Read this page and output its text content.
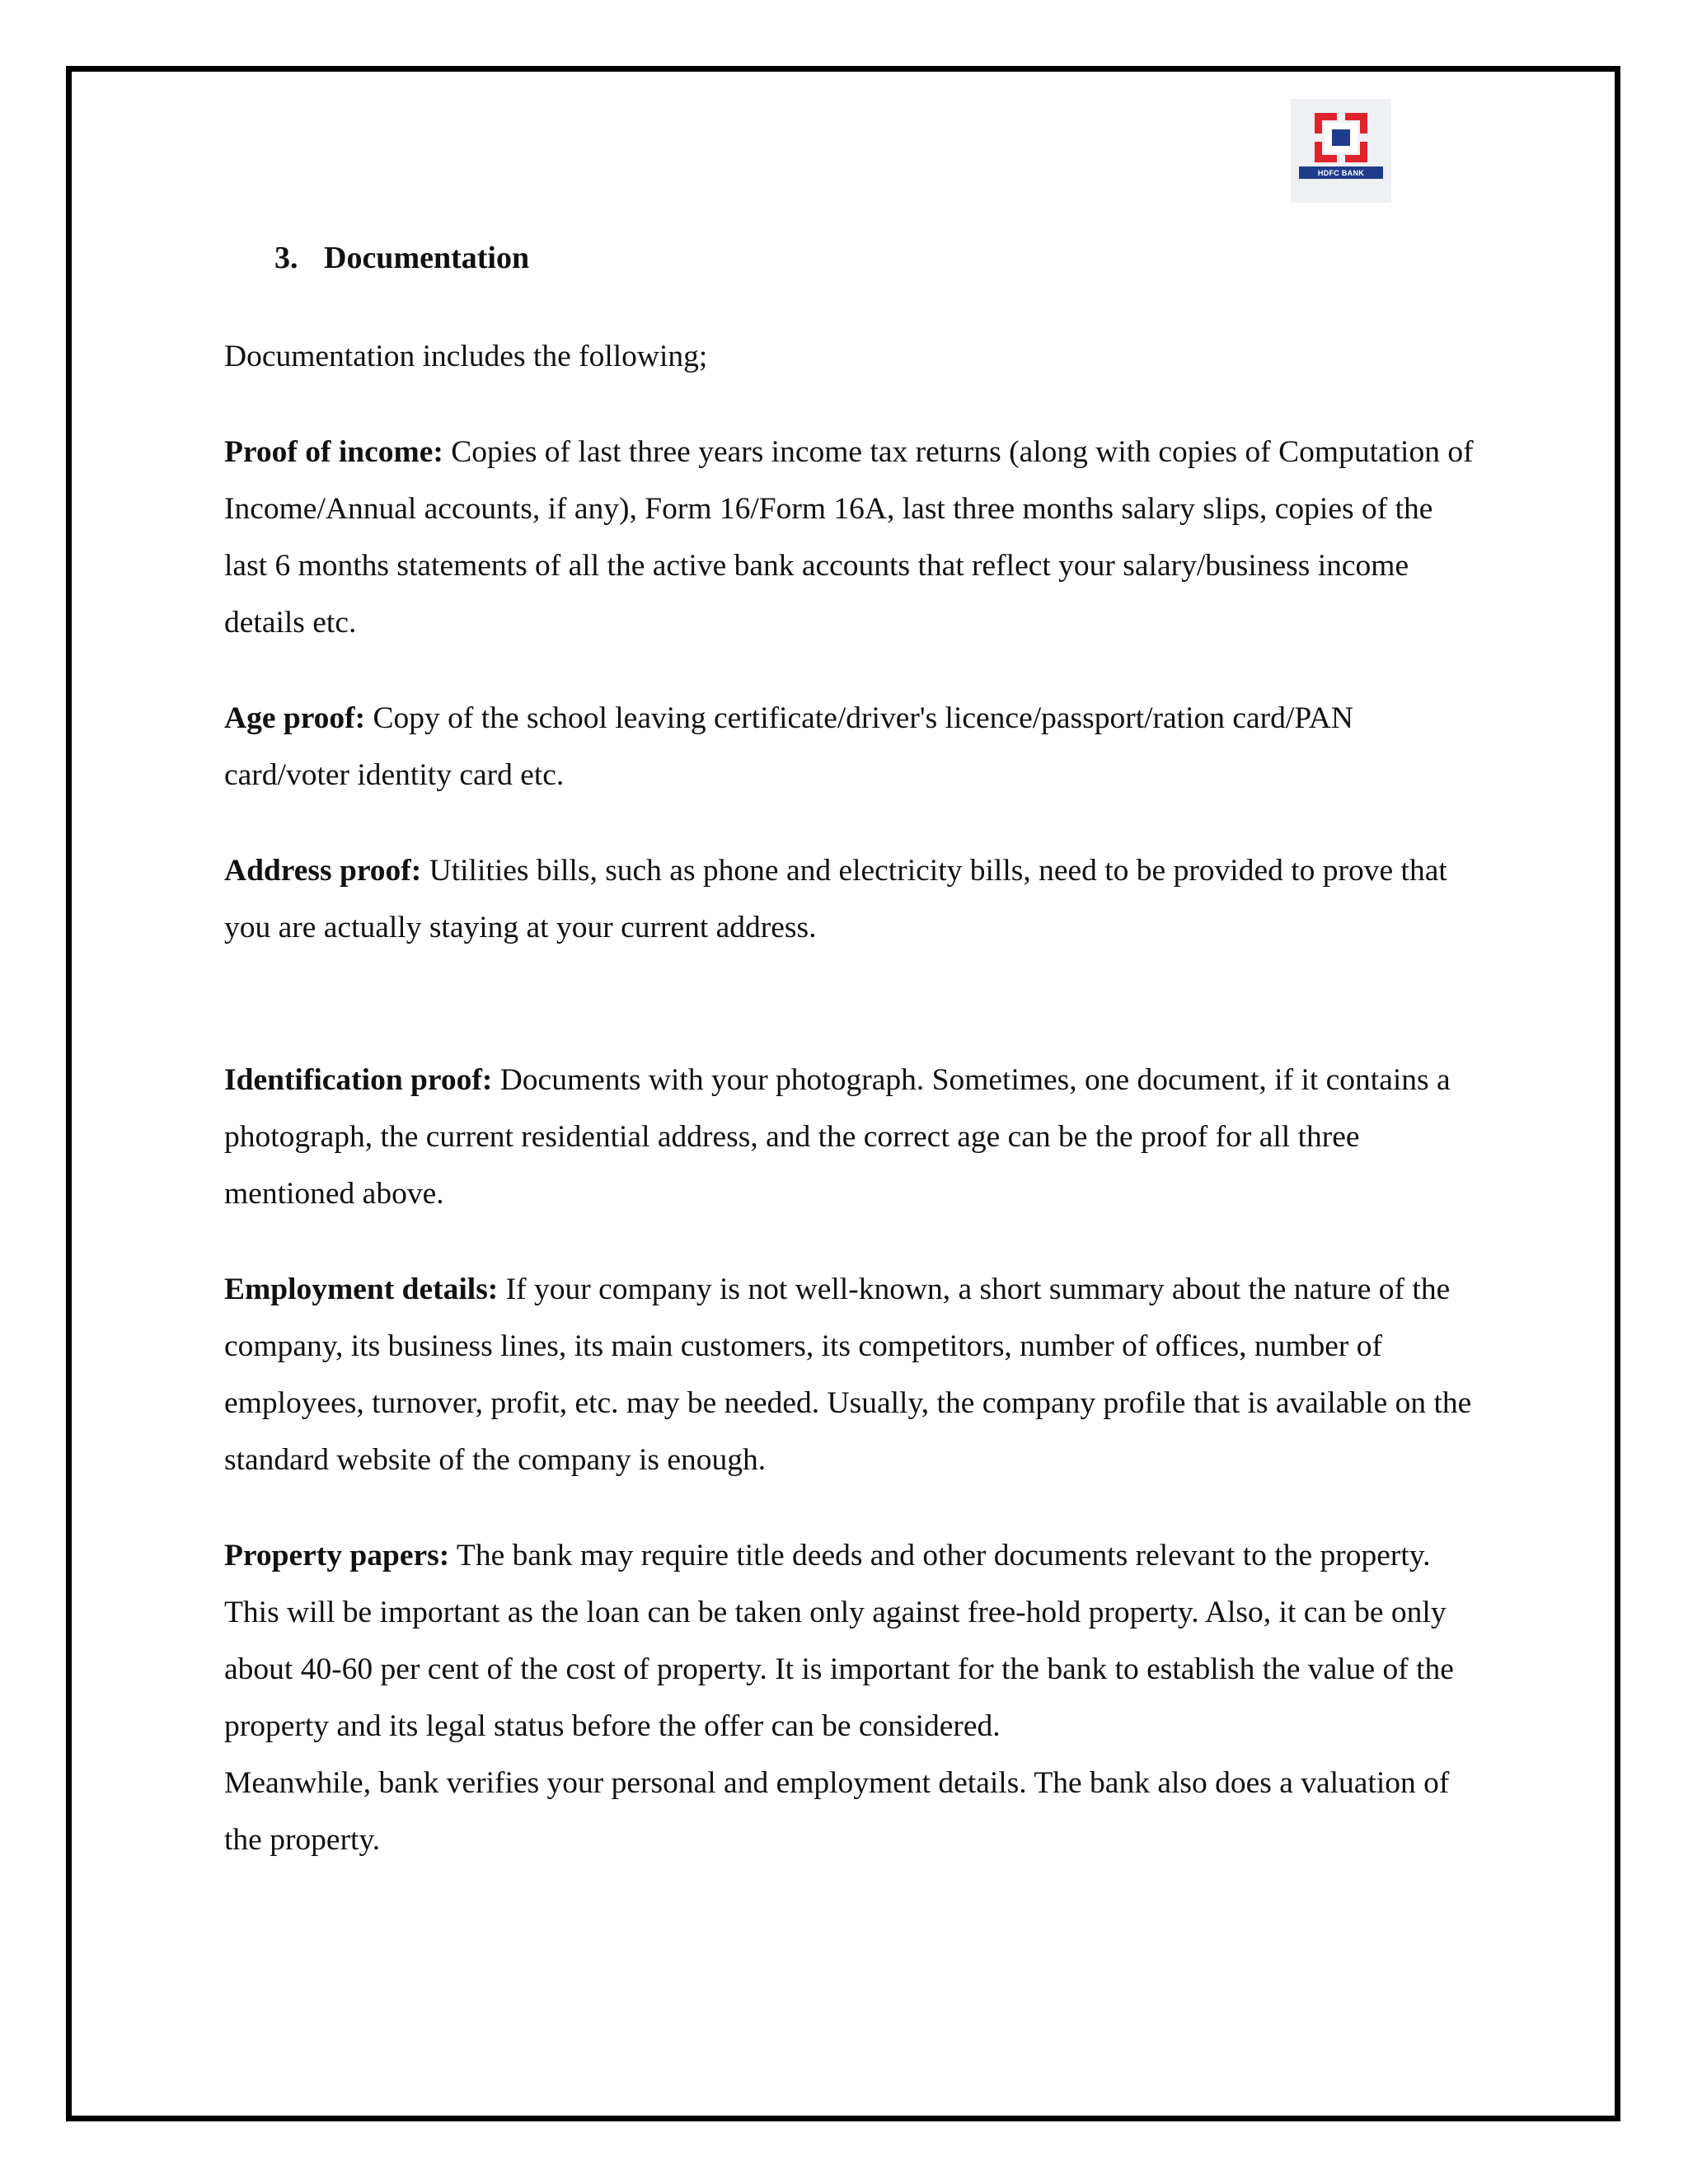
HDFC BANK
3. Documentation

Documentation includes the following;

Proof of income: Copies of last three years income tax returns (along with copies of Computation of Income/Annual accounts, if any), Form 16/Form 16A, last three months salary slips, copies of the last 6 months statements of all the active bank accounts that reflect your salary/business income details etc.

Age proof: Copy of the school leaving certificate/driver's licence/passport/ration card/PAN card/voter identity card etc.

Address proof: Utilities bills, such as phone and electricity bills, need to be provided to prove that you are actually staying at your current address.

Identification proof: Documents with your photograph. Sometimes, one document, if it contains a photograph, the current residential address, and the correct age can be the proof for all three mentioned above.

Employment details: If your company is not well-known, a short summary about the nature of the company, its business lines, its main customers, its competitors, number of offices, number of employees, turnover, profit, etc. may be needed. Usually, the company profile that is available on the standard website of the company is enough.

Property papers: The bank may require title deeds and other documents relevant to the property. This will be important as the loan can be taken only against free-hold property. Also, it can be only about 40-60 per cent of the cost of property. It is important for the bank to establish the value of the property and its legal status before the offer can be considered.

Meanwhile, bank verifies your personal and employment details. The bank also does a valuation of the property.
